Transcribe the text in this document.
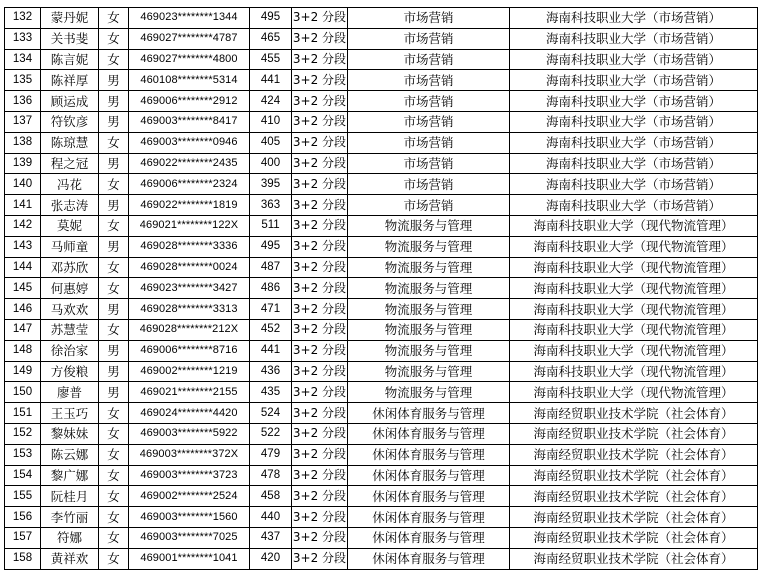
132	蒙丹妮	女	469023********1344	495	3+2 分段	市场营销	海南科技职业大学（市场营销）
133	关书斐	女	469027********4787	465	3+2 分段	市场营销	海南科技职业大学（市场营销）
134	陈言妮	女	469027********4800	455	3+2 分段	市场营销	海南科技职业大学（市场营销）
135	陈祥厚	男	460108********5314	441	3+2 分段	市场营销	海南科技职业大学（市场营销）
136	顾运成	男	469006********2912	424	3+2 分段	市场营销	海南科技职业大学（市场营销）
137	符钦彦	男	469003********8417	410	3+2 分段	市场营销	海南科技职业大学（市场营销）
138	陈琼慧	女	469003********0946	405	3+2 分段	市场营销	海南科技职业大学（市场营销）
139	程之冠	男	469022********2435	400	3+2 分段	市场营销	海南科技职业大学（市场营销）
140	冯花	女	469006********2324	395	3+2 分段	市场营销	海南科技职业大学（市场营销）
141	张志涛	男	469022********1819	363	3+2 分段	市场营销	海南科技职业大学（市场营销）
142	莫妮	女	469021********122X	511	3+2 分段	物流服务与管理	海南科技职业大学（现代物流管理）
143	马师童	男	469028********3336	495	3+2 分段	物流服务与管理	海南科技职业大学（现代物流管理）
144	邓苏欣	女	469028********0024	487	3+2 分段	物流服务与管理	海南科技职业大学（现代物流管理）
145	何惠婷	女	469023********3427	486	3+2 分段	物流服务与管理	海南科技职业大学（现代物流管理）
146	马欢欢	男	469028********3313	471	3+2 分段	物流服务与管理	海南科技职业大学（现代物流管理）
147	苏慧莹	女	469028********212X	452	3+2 分段	物流服务与管理	海南科技职业大学（现代物流管理）
148	徐治家	男	469006********8716	441	3+2 分段	物流服务与管理	海南科技职业大学（现代物流管理）
149	方俊粮	男	469002********1219	436	3+2 分段	物流服务与管理	海南科技职业大学（现代物流管理）
150	廖普	男	469021********2155	435	3+2 分段	物流服务与管理	海南科技职业大学（现代物流管理）
151	王玉巧	女	469024********4420	524	3+2 分段	休闲体育服务与管理	海南经贸职业技术学院（社会体育）
152	黎妹妹	女	469003********5922	522	3+2 分段	休闲体育服务与管理	海南经贸职业技术学院（社会体育）
153	陈云娜	女	469003********372X	479	3+2 分段	休闲体育服务与管理	海南经贸职业技术学院（社会体育）
154	黎广娜	女	469003********3723	478	3+2 分段	休闲体育服务与管理	海南经贸职业技术学院（社会体育）
155	阮桂月	女	469002********2524	458	3+2 分段	休闲体育服务与管理	海南经贸职业技术学院（社会体育）
156	李竹丽	女	469003********1560	440	3+2 分段	休闲体育服务与管理	海南经贸职业技术学院（社会体育）
157	符娜	女	469003********7025	437	3+2 分段	休闲体育服务与管理	海南经贸职业技术学院（社会体育）
158	黄祥欢	女	469001********1041	420	3+2 分段	休闲体育服务与管理	海南经贸职业技术学院（社会体育）
